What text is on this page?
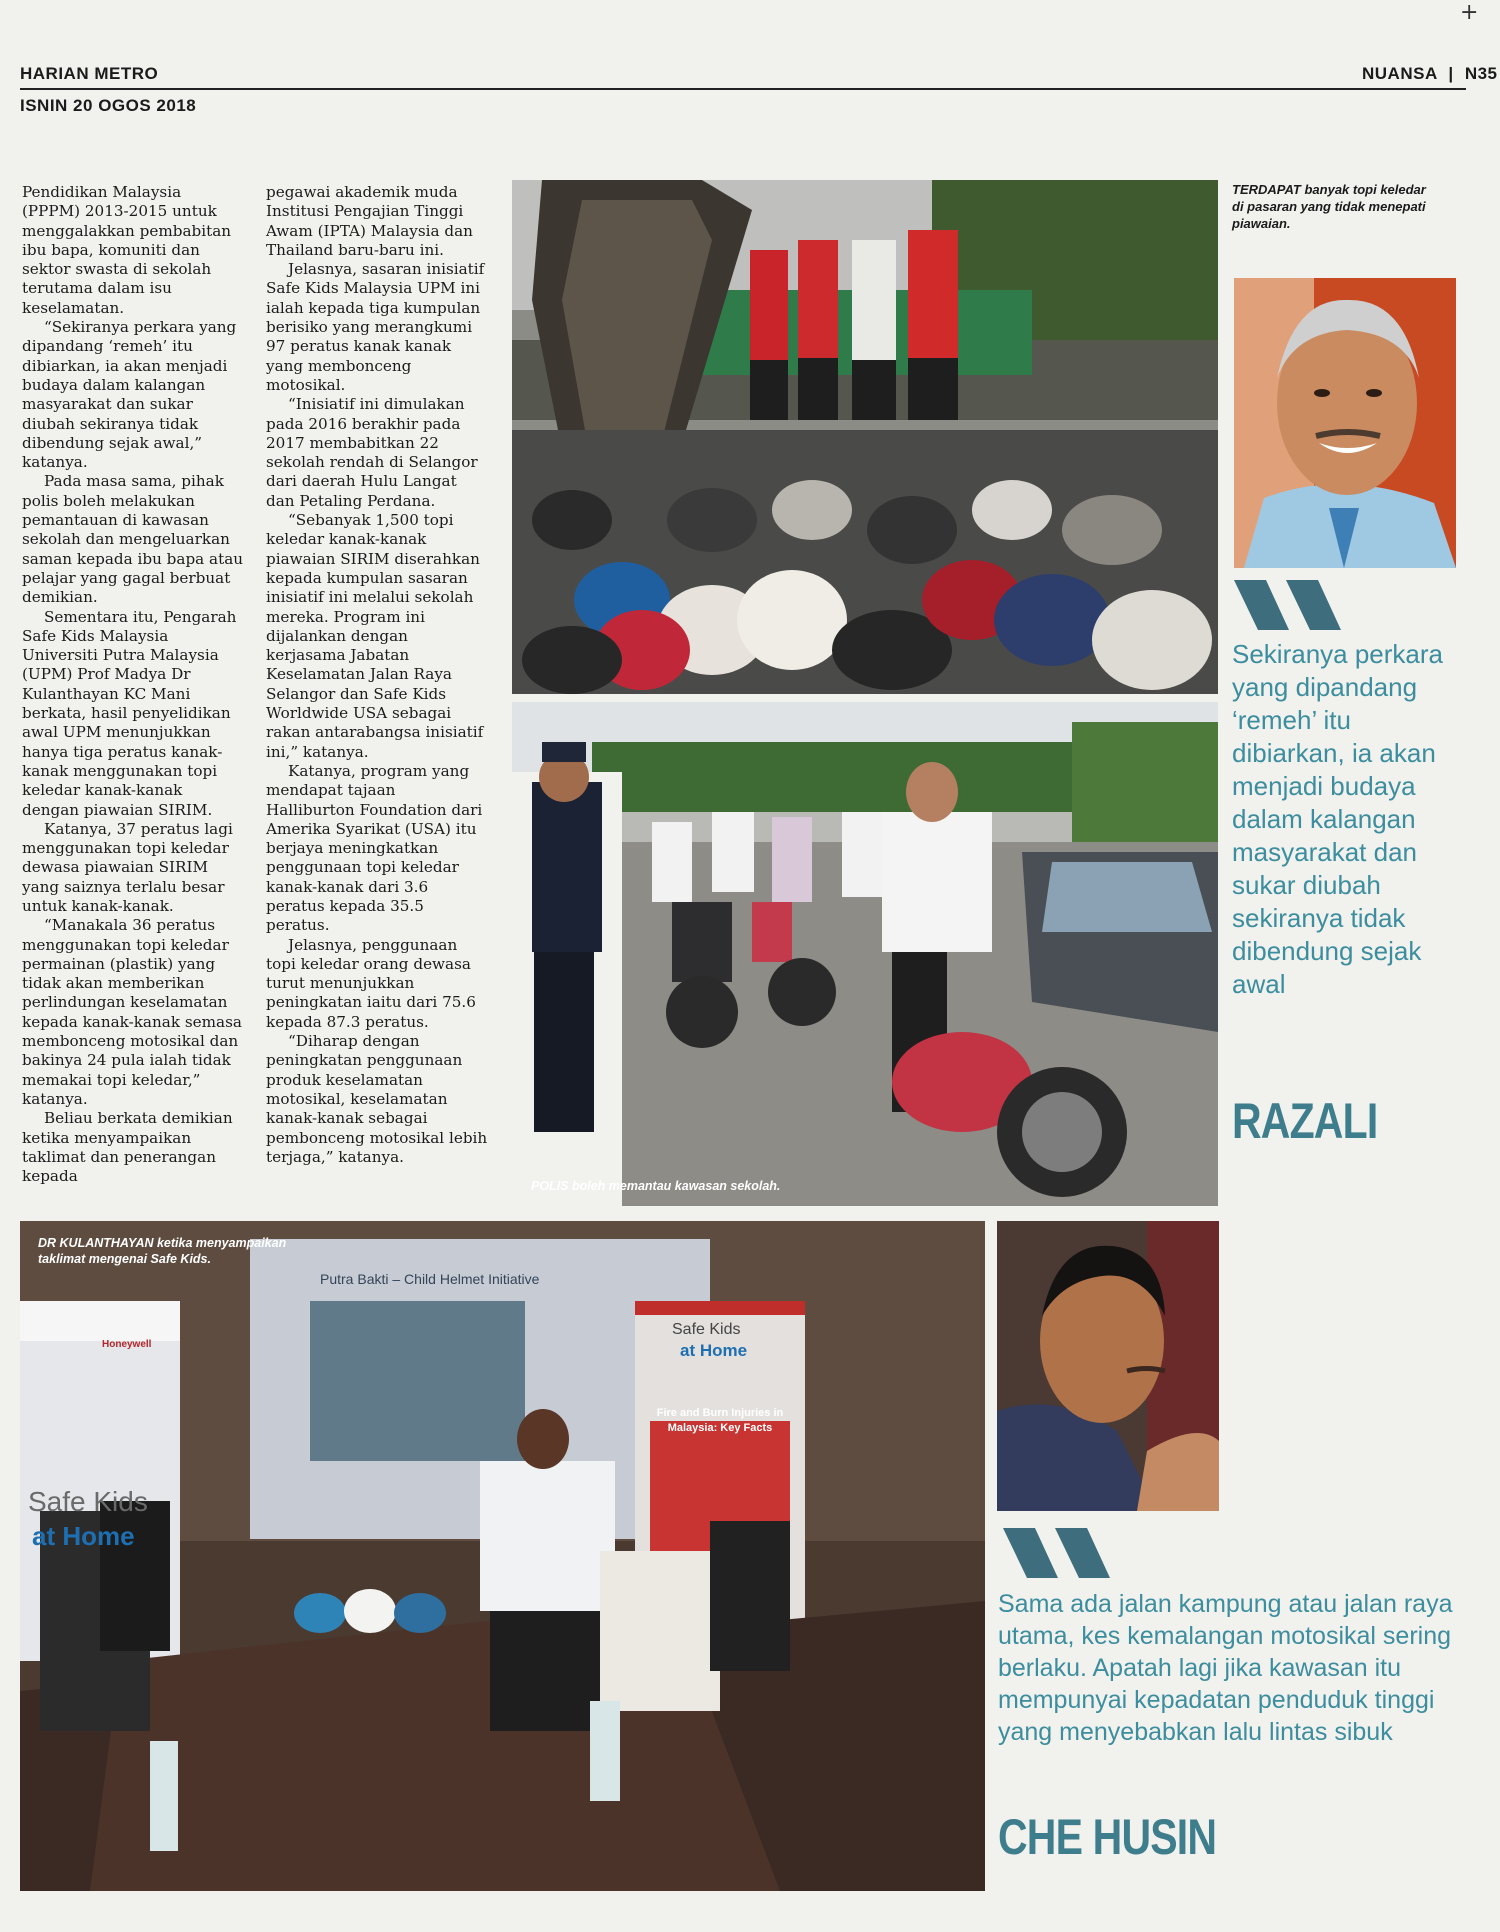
+
HARIAN METRO
ISNIN 20 OGOS 2018
NUANSA | N35

Pendidikan Malaysia (PPPM) 2013-2015 untuk menggalakkan pembabitan ibu bapa, komuniti dan sektor swasta di sekolah terutama dalam isu keselamatan.

“Sekiranya perkara yang dipandang ‘remeh’ itu dibiarkan, ia akan menjadi budaya dalam kalangan masyarakat dan sukar diubah sekiranya tidak dibendung sejak awal,” katanya.

Pada masa sama, pihak polis boleh melakukan pemantauan di kawasan sekolah dan mengeluarkan saman kepada ibu bapa atau pelajar yang gagal berbuat demikian.

Sementara itu, Pengarah Safe Kids Malaysia Universiti Putra Malaysia (UPM) Prof Madya Dr Kulanthayan KC Mani berkata, hasil penyelidikan awal UPM menunjukkan hanya tiga peratus kanak-kanak menggunakan topi keledar kanak-kanak dengan piawaian SIRIM.

Katanya, 37 peratus lagi menggunakan topi keledar dewasa piawaian SIRIM yang saiznya terlalu besar untuk kanak-kanak.

“Manakala 36 peratus menggunakan topi keledar permainan (plastik) yang tidak akan memberikan perlindungan keselamatan kepada kanak-kanak semasa membonceng motosikal dan bakinya 24 pula ialah tidak memakai topi keledar,” katanya.

Beliau berkata demikian ketika menyampaikan taklimat dan penerangan kepada

pegawai akademik muda Institusi Pengajian Tinggi Awam (IPTA) Malaysia dan Thailand baru-baru ini.

Jelasnya, sasaran inisiatif Safe Kids Malaysia UPM ini ialah kepada tiga kumpulan berisiko yang merangkumi 97 peratus kanak kanak yang membonceng motosikal.

“Inisiatif ini dimulakan pada 2016 berakhir pada 2017 membabitkan 22 sekolah rendah di Selangor dari daerah Hulu Langat dan Petaling Perdana.

“Sebanyak 1,500 topi keledar kanak-kanak piawaian SIRIM diserahkan kepada kumpulan sasaran inisiatif ini melalui sekolah mereka. Program ini dijalankan dengan kerjasama Jabatan Keselamatan Jalan Raya Selangor dan Safe Kids Worldwide USA sebagai rakan antarabangsa inisiatif ini,” katanya.

Katanya, program yang mendapat tajaan Halliburton Foundation dari Amerika Syarikat (USA) itu berjaya meningkatkan penggunaan topi keledar kanak-kanak dari 3.6 peratus kepada 35.5 peratus.

Jelasnya, penggunaan topi keledar orang dewasa turut menunjukkan peningkatan iaitu dari 75.6 kepada 87.3 peratus.

“Diharap dengan peningkatan penggunaan produk keselamatan motosikal, keselamatan kanak-kanak sebagai pembonceng motosikal lebih terjaga,” katanya.

TERDAPAT banyak topi keledar di pasaran yang tidak menepati piawaian.
Sekiranya perkara yang dipandang ‘remeh’ itu dibiarkan, ia akan menjadi budaya dalam kalangan masyarakat dan sukar diubah sekiranya tidak dibendung sejak awal
RAZALI
POLIS boleh memantau kawasan sekolah.
Putra Bakti – Child Helmet Initiative
Safe Kids
at Home
Fire and Burn Injuries in Malaysia: Key Facts
Honeywell
Safe Kids
at Home
DR KULANTHAYAN ketika menyampaikan taklimat mengenai Safe Kids.
Sama ada jalan kampung atau jalan raya utama, kes kemalangan motosikal sering berlaku. Apatah lagi jika kawasan itu mempunyai kepadatan penduduk tinggi yang menyebabkan lalu lintas sibuk
CHE HUSIN
